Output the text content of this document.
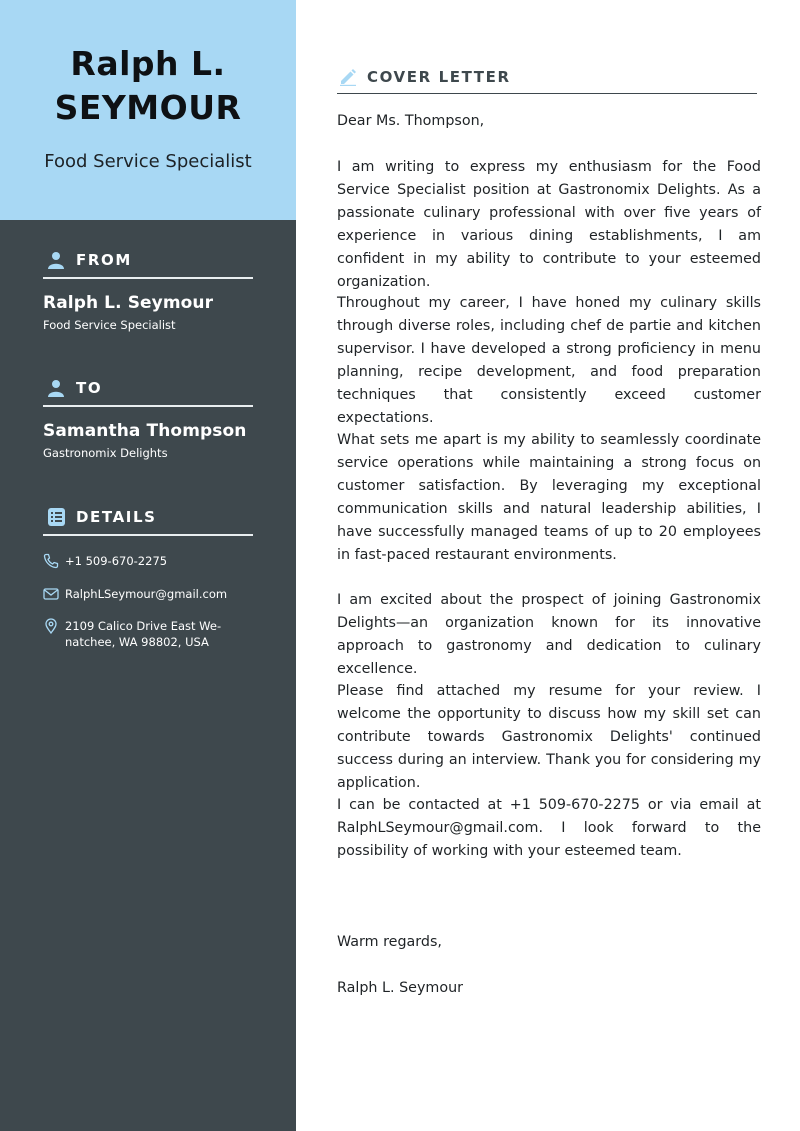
Ralph L.
SEYMOUR
Food Service Specialist
FROM
Ralph L. Seymour
Food Service Specialist
TO
Samantha Thompson
Gastronomix Delights
DETAILS
+1 509-670-2275
RalphLSeymour@gmail.com
2109 Calico Drive East We-
natchee, WA 98802, USA
COVER LETTER
Dear Ms. Thompson,
I am writing to express my enthusiasm for the Food Service Specialist position at Gastronomix Delights. As a passionate culinary professional with over five years of experience in various dining establishments, I am confident in my ability to contribute to your esteemed organization.
Throughout my career, I have honed my culinary skills through diverse roles, including chef de partie and kitchen supervisor. I have developed a strong proficiency in menu planning, recipe development, and food preparation techniques that consistently exceed customer expectations.
What sets me apart is my ability to seamlessly coordinate service operations while maintaining a strong focus on customer satisfaction. By leveraging my exceptional communication skills and natural leadership abilities, I have successfully managed teams of up to 20 employees in fast-paced restaurant environments.
I am excited about the prospect of joining Gastronomix Delights—an organization known for its innovative approach to gastronomy and dedication to culinary excellence.
Please find attached my resume for your review. I welcome the opportunity to discuss how my skill set can contribute towards Gastronomix Delights' continued success during an interview. Thank you for considering my application.
I can be contacted at +1 509-670-2275 or via email at RalphLSeymour@gmail.com. I look forward to the possibility of working with your esteemed team.
Warm regards,
Ralph L. Seymour
